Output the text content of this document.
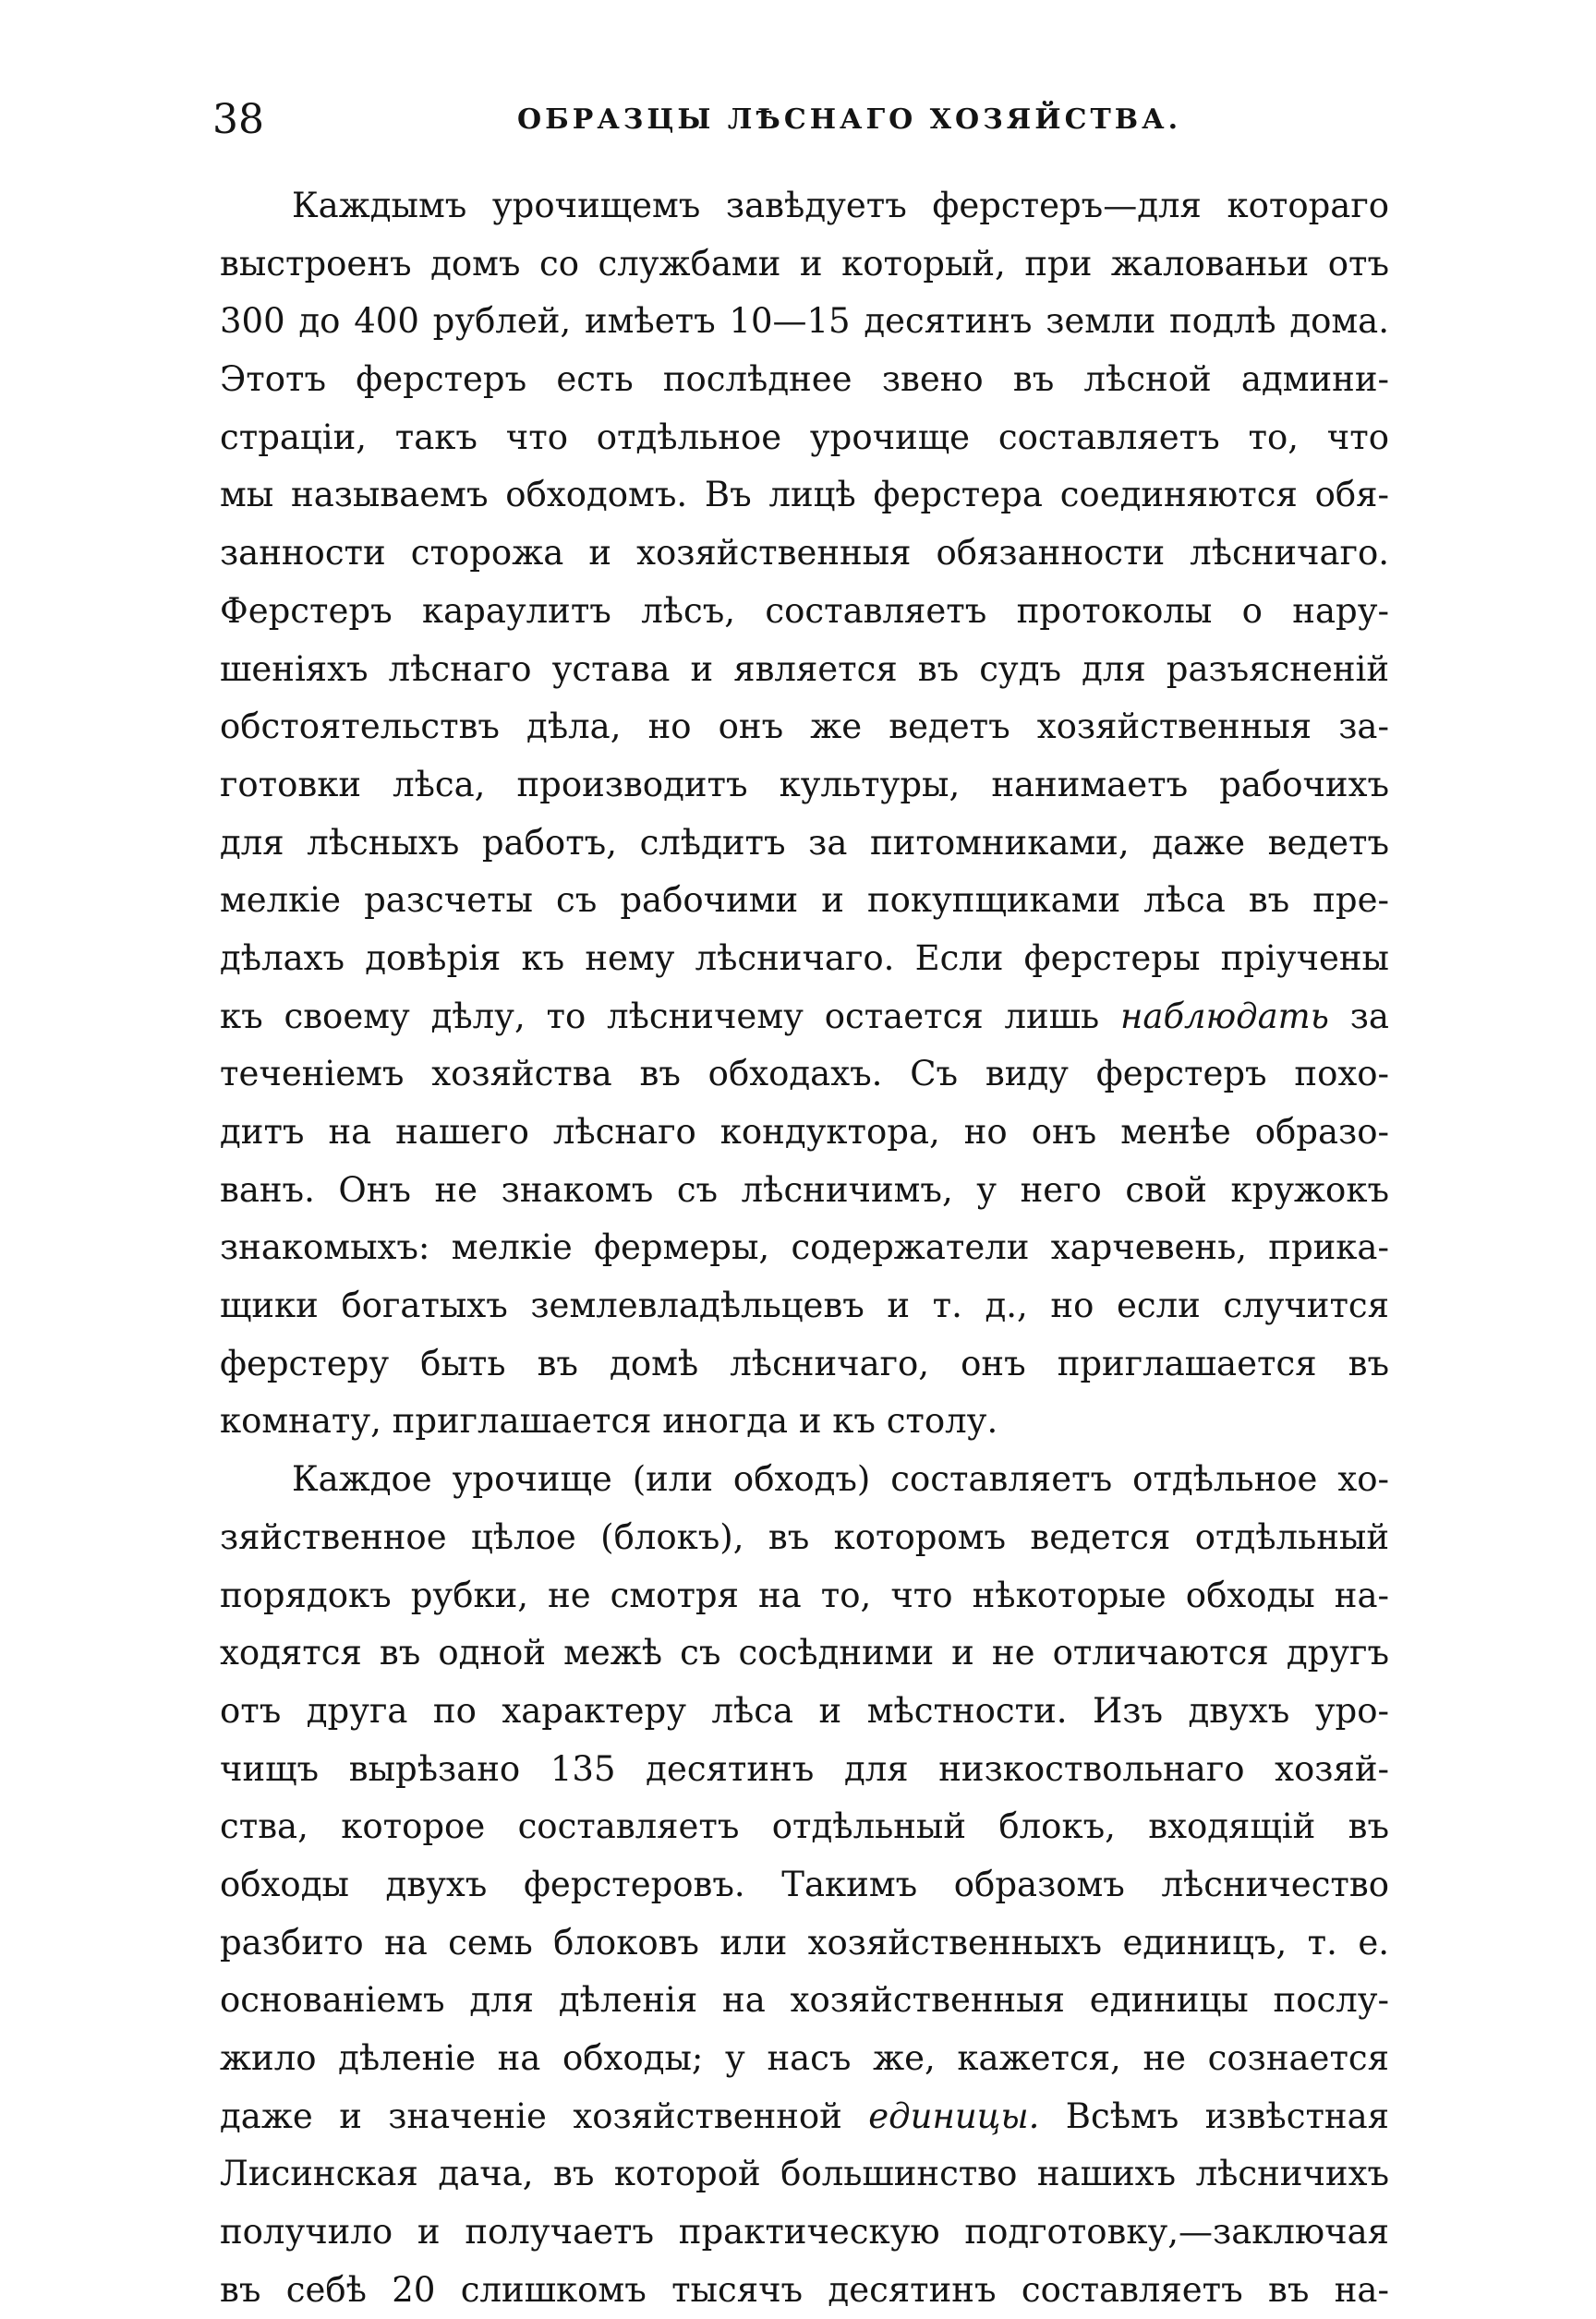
38	ОБРАЗЦЫ ЛѢСНАГО ХОЗЯЙСТВА.
Каждымъ урочищемъ завѣдуетъ ферстеръ—для котораго
выстроенъ домъ со службами и который, при жалованьи отъ
300 до 400 рублей, имѣетъ 10—15 десятинъ земли подлѣ дома.
Этотъ ферстеръ есть послѣднее звено въ лѣсной админи-
страціи, такъ что отдѣльное урочище составляетъ то, что
мы называемъ обходомъ. Въ лицѣ ферстера соединяются обя-
занности сторожа и хозяйственныя обязанности лѣсничаго.
Ферстеръ караулитъ лѣсъ, составляетъ протоколы о нару-
шеніяхъ лѣснаго устава и является въ судъ для разъясненій
обстоятельствъ дѣла, но онъ же ведетъ хозяйственныя за-
готовки лѣса, производитъ культуры, нанимаетъ рабочихъ
для лѣсныхъ работъ, слѣдитъ за питомниками, даже ведетъ
мелкіе разсчеты съ рабочими и покупщиками лѣса въ пре-
дѣлахъ довѣрія къ нему лѣсничаго. Если ферстеры пріучены
къ своему дѣлу, то лѣсничему остается лишь наблюдать за
теченіемъ хозяйства въ обходахъ. Съ виду ферстеръ похо-
дитъ на нашего лѣснаго кондуктора, но онъ менѣе образо-
ванъ. Онъ не знакомъ съ лѣсничимъ, у него свой кружокъ
знакомыхъ: мелкіе фермеры, содержатели харчевень, прика-
щики богатыхъ землевладѣльцевъ и т. д., но если случится
ферстеру быть въ домѣ лѣсничаго, онъ приглашается въ
комнату, приглашается иногда и къ столу.
Каждое урочище (или обходъ) составляетъ отдѣльное хо-
зяйственное цѣлое (блокъ), въ которомъ ведется отдѣльный
порядокъ рубки, не смотря на то, что нѣкоторые обходы на-
ходятся въ одной межѣ съ сосѣдними и не отличаются другъ
отъ друга по характеру лѣса и мѣстности. Изъ двухъ уро-
чищъ вырѣзано 135 десятинъ для низкоствольнаго хозяй-
ства, которое составляетъ отдѣльный блокъ, входящій въ
обходы двухъ ферстеровъ. Такимъ образомъ лѣсничество
разбито на семь блоковъ или хозяйственныхъ единицъ, т. е.
основаніемъ для дѣленія на хозяйственныя единицы послу-
жило дѣленіе на обходы; у насъ же, кажется, не сознается
даже и значеніе хозяйственной единицы. Всѣмъ извѣстная
Лисинская дача, въ которой большинство нашихъ лѣсничихъ
получило и получаетъ практическую подготовку,—заключая
въ себѣ 20 слишкомъ тысячъ десятинъ составляетъ въ на-
